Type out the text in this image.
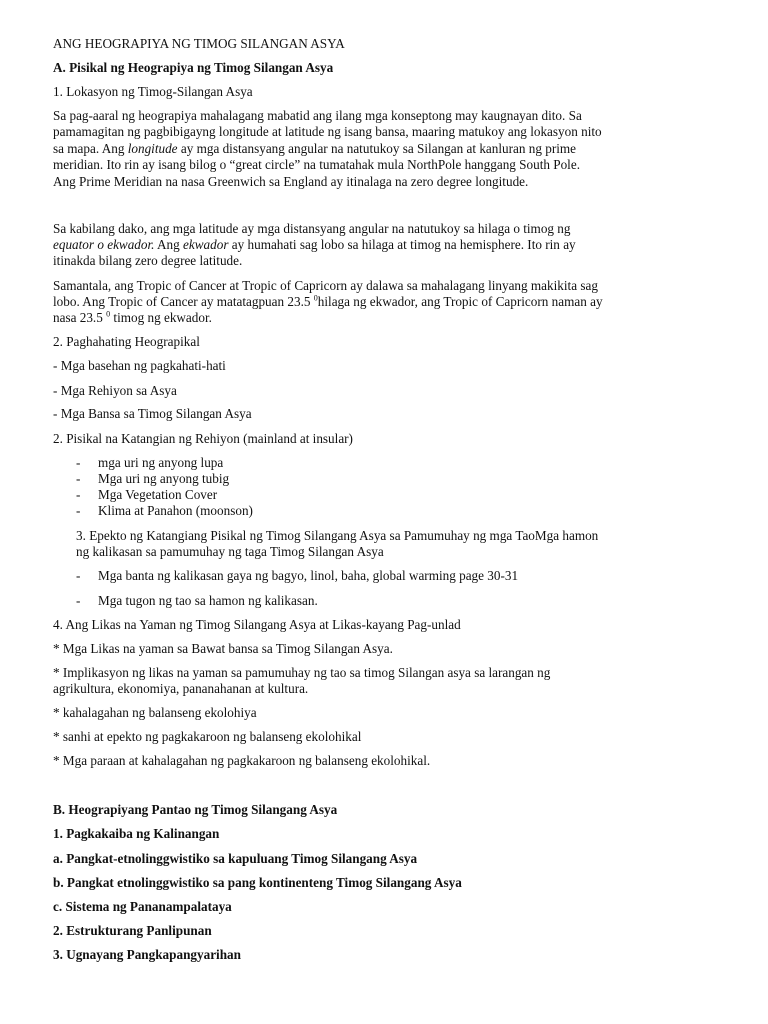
ANG HEOGRAPIYA NG TIMOG SILANGAN ASYA

A. Pisikal ng Heograpiya ng Timog Silangan Asya

1. Lokasyon ng Timog-Silangan Asya

Sa pag-aaral ng heograpiya mahalagang mabatid ang ilang mga konseptong may kaugnayan dito. Sa

pamamagitan ng pagbibigayng longitude at latitude ng isang bansa, maaring matukoy ang lokasyon nito

sa mapa. Ang longitude ay mga distansyang angular na natutukoy sa Silangan at kanluran ng prime

meridian. Ito rin ay isang bilog o “great circle” na tumatahak mula NorthPole hanggang South Pole.

Ang Prime Meridian na nasa Greenwich sa England ay itinalaga na zero degree longitude.

Sa kabilang dako, ang mga latitude ay mga distansyang angular na natutukoy sa hilaga o timog ng

equator o ekwador. Ang ekwador ay humahati sag lobo sa hilaga at timog na hemisphere. Ito rin ay

itinakda bilang zero degree latitude.

Samantala, ang Tropic of Cancer at Tropic of Capricorn ay dalawa sa mahalagang linyang makikita sag

lobo. Ang Tropic of Cancer ay matatagpuan 23.5 $^0$hilaga ng ekwador, ang Tropic of Capricorn naman ay

nasa 23.5 $^0$ timog ng ekwador.

2. Paghahating Heograpikal

- Mga basehan ng pagkahati-hati

- Mga Rehiyon sa Asya

- Mga Bansa sa Timog Silangan Asya

2. Pisikal na Katangian ng Rehiyon (mainland at insular)

- mga uri ng anyong lupa
- Mga uri ng anyong tubig
- Mga Vegetation Cover
- Klima at Panahon (moonson)

3. Epekto ng Katangiang Pisikal ng Timog Silangang Asya sa Pamumuhay ng mga TaoMga hamon

ng kalikasan sa pamumuhay ng taga Timog Silangan Asya

- Mga banta ng kalikasan gaya ng bagyo, linol, baha, global warming page 30-31
- Mga tugon ng tao sa hamon ng kalikasan.

4. Ang Likas na Yaman ng Timog Silangang Asya at Likas-kayang Pag-unlad

* Mga Likas na yaman sa Bawat bansa sa Timog Silangan Asya.

* Implikasyon ng likas na yaman sa pamumuhay ng tao sa timog Silangan asya sa larangan ng

agrikultura, ekonomiya, pananahanan at kultura.

* kahalagahan ng balanseng ekolohiya

* sanhi at epekto ng pagkakaroon ng balanseng ekolohikal

* Mga paraan at kahalagahan ng pagkakaroon ng balanseng ekolohikal.

B. Heograpiyang Pantao ng Timog Silangang Asya

1. Pagkakaiba ng Kalinangan

a. Pangkat-etnolinggwistiko sa kapuluang Timog Silangang Asya

b. Pangkat etnolinggwistiko sa pang kontinenteng Timog Silangang Asya

c. Sistema ng Pananampalataya

2. Estrukturang Panlipunan

3. Ugnayang Pangkapangyarihan
